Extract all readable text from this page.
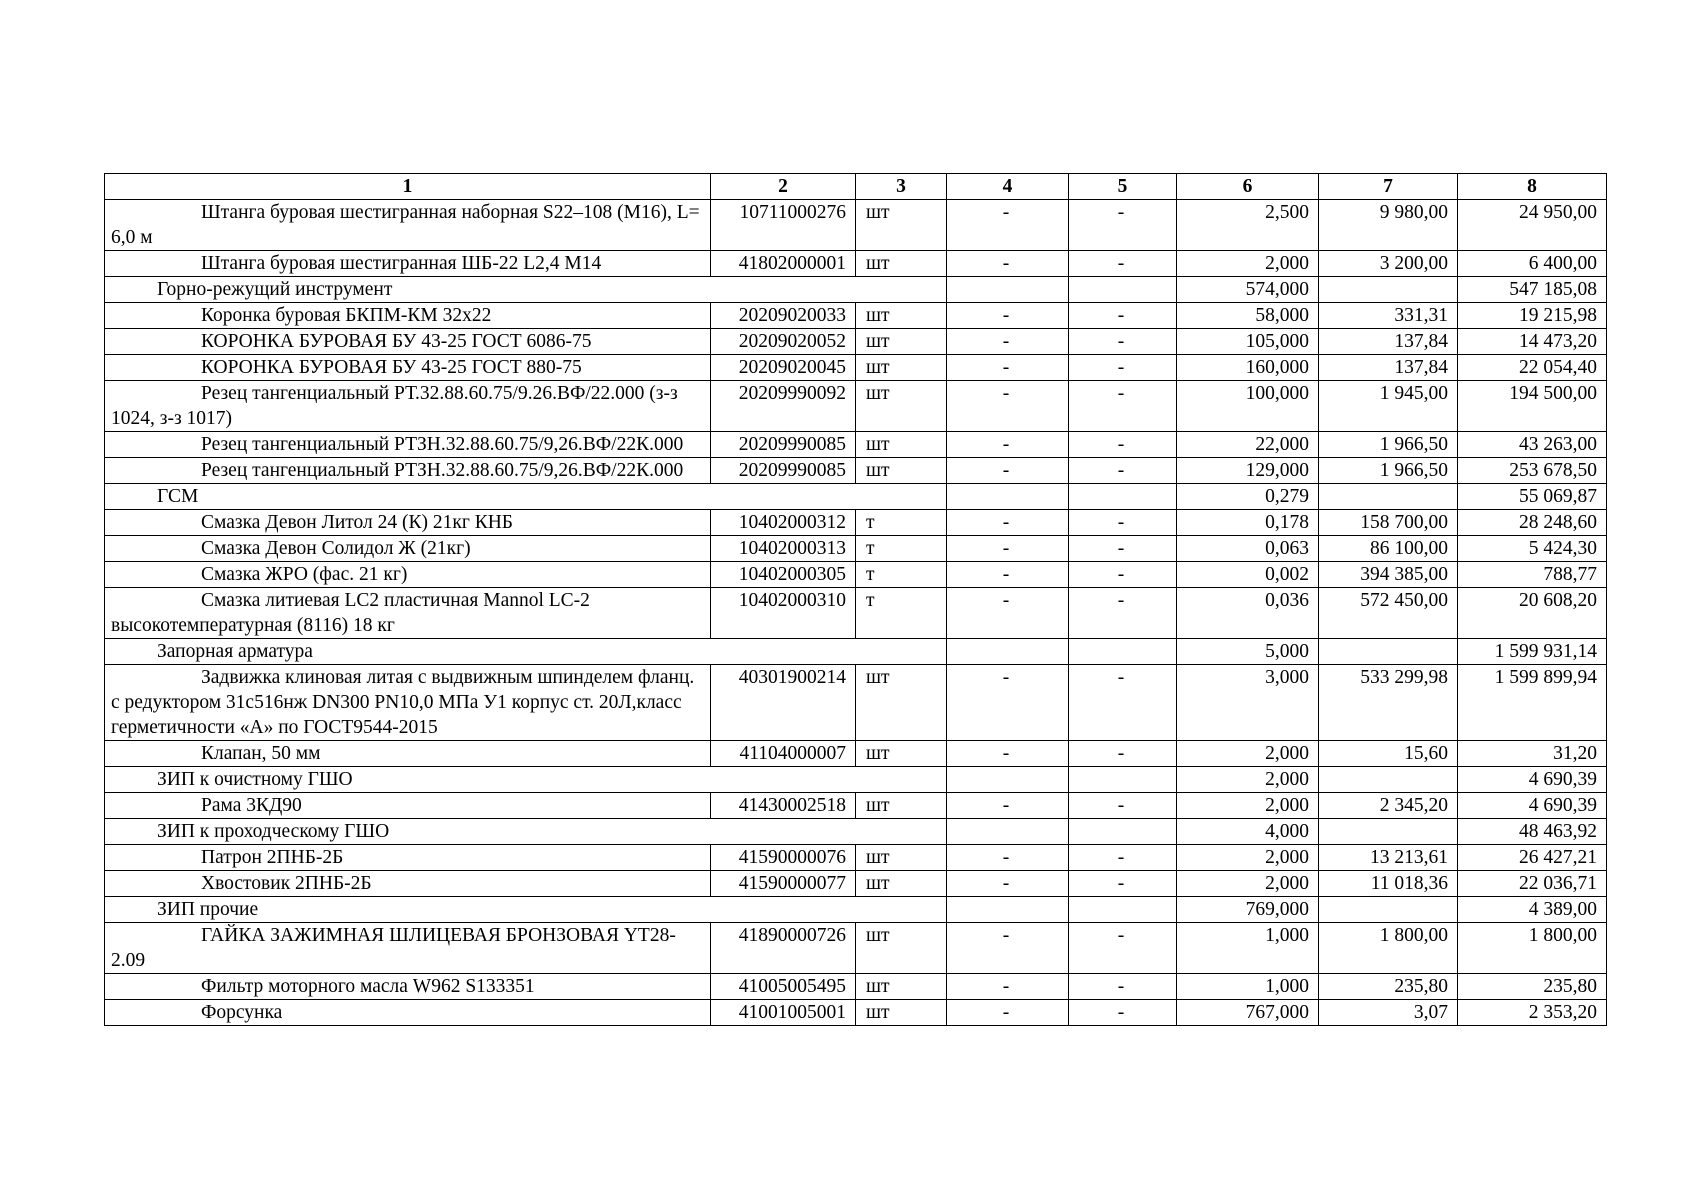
1	2	3	4	5	6	7	8
Штанга буровая шестигранная наборная S22–108 (М16), L= 6,0 м	10711000276	шт	-	-	2,500	9 980,00	24 950,00
Штанга буровая шестигранная ШБ-22 L2,4 М14	41802000001	шт	-	-	2,000	3 200,00	6 400,00
Горно-режущий инструмент					574,000		547 185,08
Коронка буровая БКПМ-КМ 32х22	20209020033	шт	-	-	58,000	331,31	19 215,98
КОРОНКА БУРОВАЯ БУ 43-25 ГОСТ 6086-75	20209020052	шт	-	-	105,000	137,84	14 473,20
КОРОНКА БУРОВАЯ БУ 43-25 ГОСТ 880-75	20209020045	шт	-	-	160,000	137,84	22 054,40
Резец тангенциальный РТ.32.88.60.75/9.26.ВФ/22.000 (з-з 1024, з-з 1017)	20209990092	шт	-	-	100,000	1 945,00	194 500,00
Резец тангенциальный РТЗН.32.88.60.75/9,26.ВФ/22К.000	20209990085	шт	-	-	22,000	1 966,50	43 263,00
Резец тангенциальный РТЗН.32.88.60.75/9,26.ВФ/22К.000	20209990085	шт	-	-	129,000	1 966,50	253 678,50
ГСМ					0,279		55 069,87
Смазка Девон Литол 24 (К) 21кг КНБ	10402000312	т	-	-	0,178	158 700,00	28 248,60
Смазка Девон Солидол Ж (21кг)	10402000313	т	-	-	0,063	86 100,00	5 424,30
Смазка ЖРО (фас. 21 кг)	10402000305	т	-	-	0,002	394 385,00	788,77
Смазка литиевая LC2 пластичная Mannol LC-2 высокотемпературная (8116) 18 кг	10402000310	т	-	-	0,036	572 450,00	20 608,20
Запорная арматура					5,000		1 599 931,14
Задвижка клиновая литая с выдвижным шпинделем фланц. с редуктором 31с516нж DN300 PN10,0 МПа У1 корпус ст. 20Л,класс герметичности «А» по ГОСТ9544-2015	40301900214	шт	-	-	3,000	533 299,98	1 599 899,94
Клапан, 50 мм	41104000007	шт	-	-	2,000	15,60	31,20
ЗИП к очистному ГШО					2,000		4 690,39
Рама 3КД90	41430002518	шт	-	-	2,000	2 345,20	4 690,39
ЗИП к проходческому ГШО					4,000		48 463,92
Патрон 2ПНБ-2Б	41590000076	шт	-	-	2,000	13 213,61	26 427,21
Хвостовик 2ПНБ-2Б	41590000077	шт	-	-	2,000	11 018,36	22 036,71
ЗИП прочие					769,000		4 389,00
ГАЙКА ЗАЖИМНАЯ ШЛИЦЕВАЯ БРОНЗОВАЯ YT28-2.09	41890000726	шт	-	-	1,000	1 800,00	1 800,00
Фильтр моторного масла W962 S133351	41005005495	шт	-	-	1,000	235,80	235,80
Форсунка	41001005001	шт	-	-	767,000	3,07	2 353,20
